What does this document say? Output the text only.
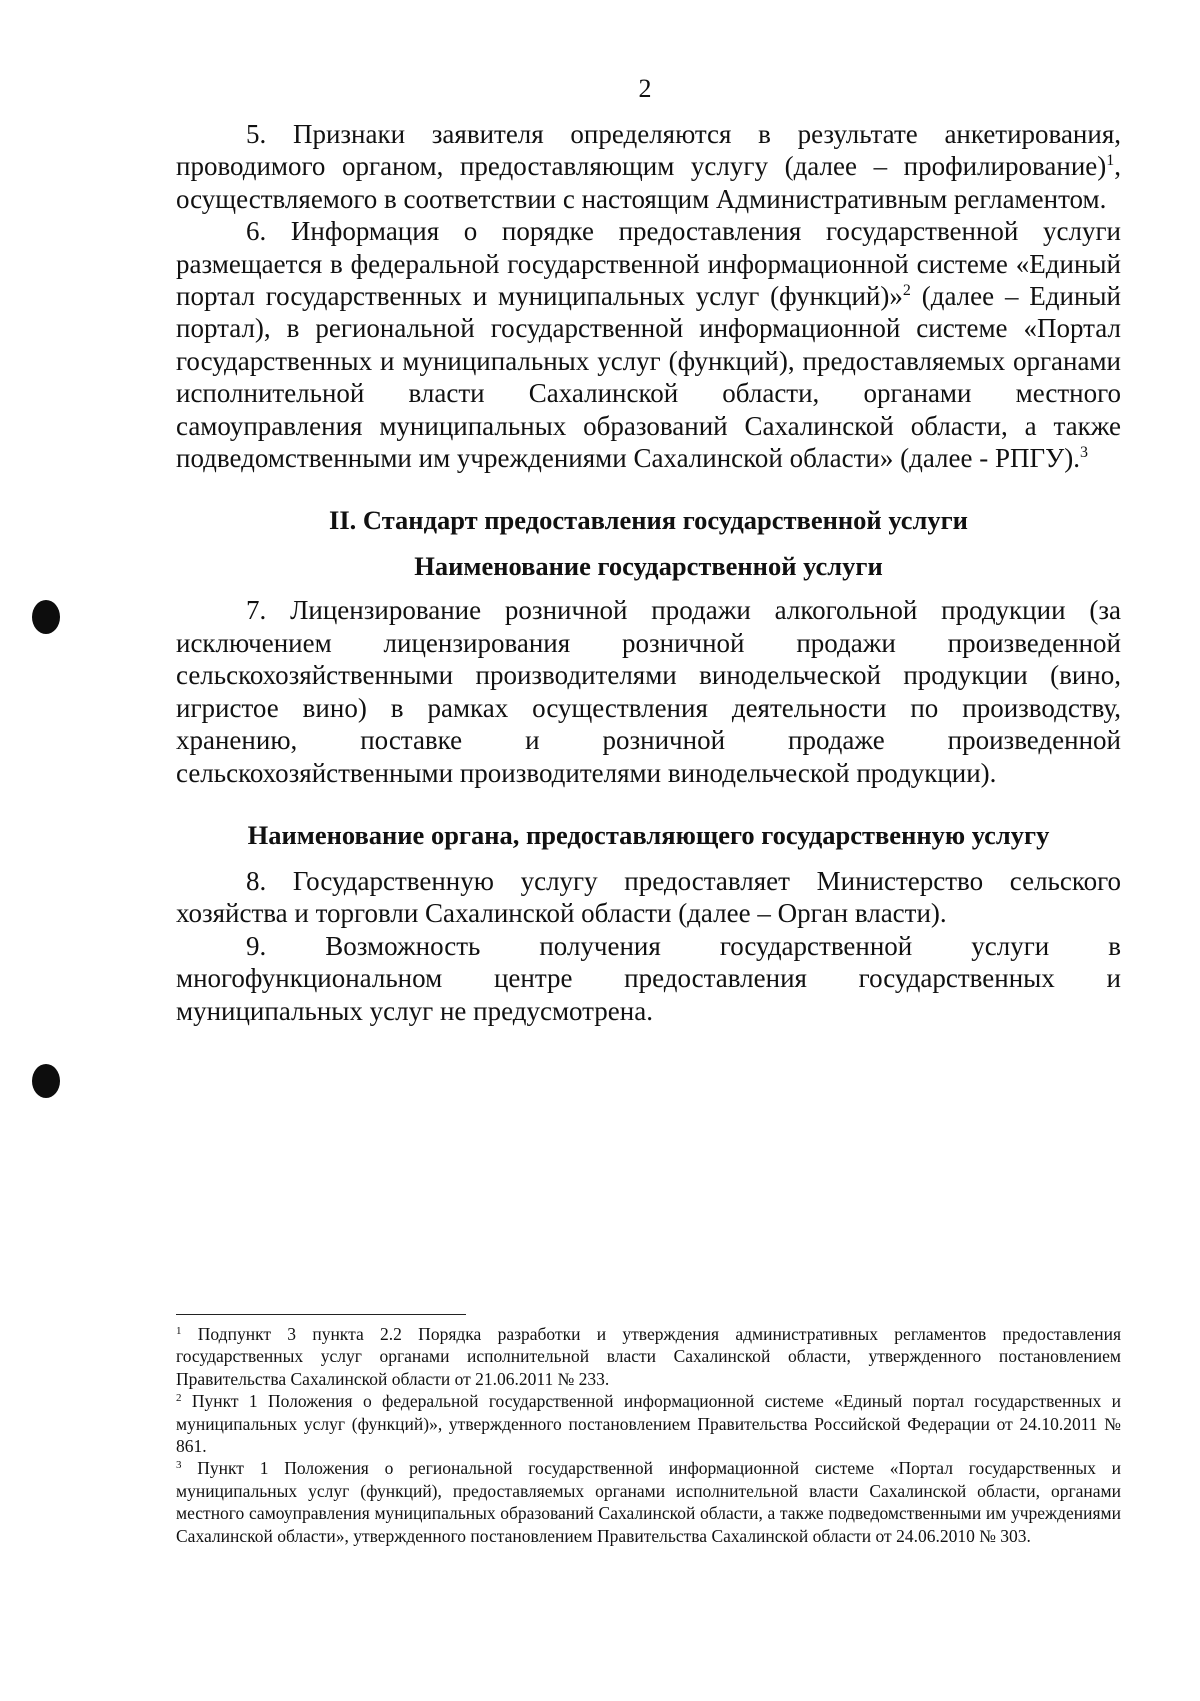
2

5. Признаки заявителя определяются в результате анкетирования, проводимого органом, предоставляющим услугу (далее – профилирование)$^1$, осуществляемого в соответствии с настоящим Административным регламентом.

6. Информация о порядке предоставления государственной услуги размещается в федеральной государственной информационной системе «Единый портал государственных и муниципальных услуг (функций)»$^2$ (далее – Единый портал), в региональной государственной информационной системе «Портал государственных и муниципальных услуг (функций), предоставляемых органами исполнительной власти Сахалинской области, органами местного самоуправления муниципальных образований Сахалинской области, а также подведомственными им учреждениями Сахалинской области» (далее - РПГУ).$^3$

II. Стандарт предоставления государственной услуги
Наименование государственной услуги

7. Лицензирование розничной продажи алкогольной продукции (за исключением лицензирования розничной продажи произведенной сельскохозяйственными производителями винодельческой продукции (вино, игристое вино) в рамках осуществления деятельности по производству, хранению, поставке и розничной продаже произведенной сельскохозяйственными производителями винодельческой продукции).

Наименование органа, предоставляющего государственную услугу

8. Государственную услугу предоставляет Министерство сельского хозяйства и торговли Сахалинской области (далее – Орган власти).

9. Возможность получения государственной услуги в многофункциональном центре предоставления государственных и муниципальных услуг не предусмотрена.

$^1$ Подпункт 3 пункта 2.2 Порядка разработки и утверждения административных регламентов предоставления государственных услуг органами исполнительной власти Сахалинской области, утвержденного постановлением Правительства Сахалинской области от 21.06.2011 № 233.

$^2$ Пункт 1 Положения о федеральной государственной информационной системе «Единый портал государственных и муниципальных услуг (функций)», утвержденного постановлением Правительства Российской Федерации от 24.10.2011 № 861.

$^3$ Пункт 1 Положения о региональной государственной информационной системе «Портал государственных и муниципальных услуг (функций), предоставляемых органами исполнительной власти Сахалинской области, органами местного самоуправления муниципальных образований Сахалинской области, а также подведомственными им учреждениями Сахалинской области», утвержденного постановлением Правительства Сахалинской области от 24.06.2010 № 303.
